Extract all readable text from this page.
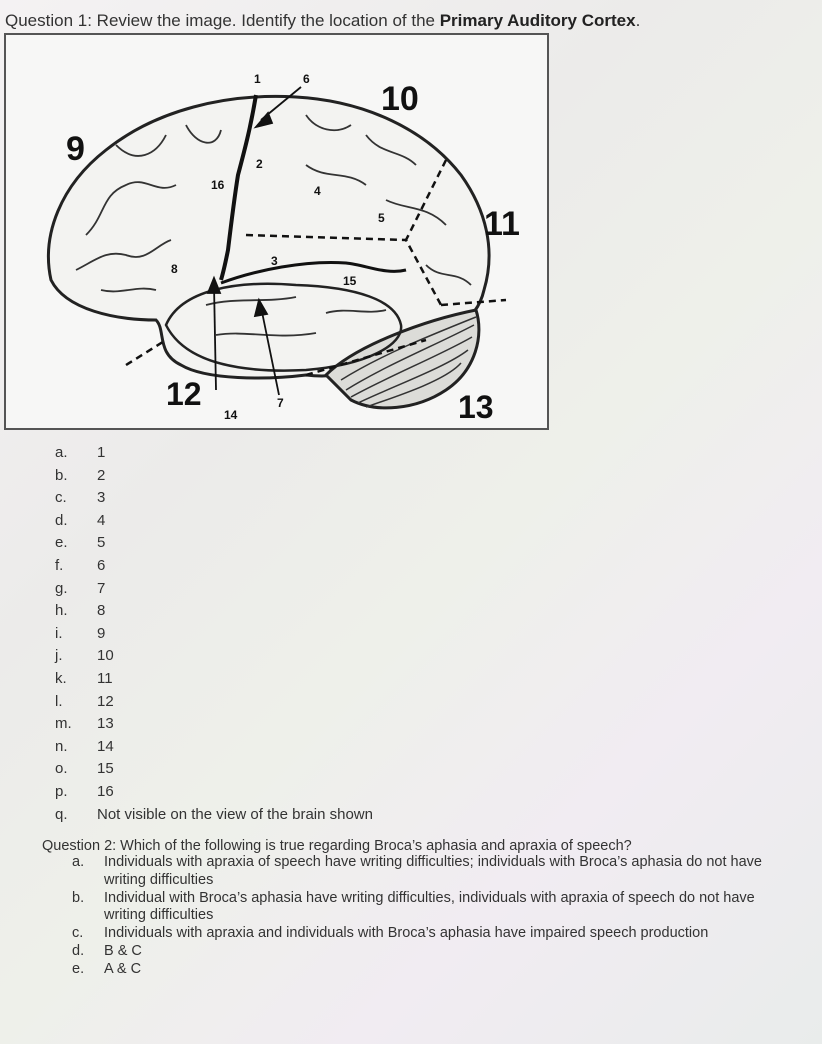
Question 1: Review the image. Identify the location of the Primary Auditory Cortex.
9
10
11
12	13
1
2
3
4
5
6
7
8
14
15
16
a.	1
b.	2
c.	3
d.	4
e.	5
f.	6
g.	7
h.	8
i.	9
j.	10
k.	11
l.	12
m.	13
n.	14
o.	15
p.	16
q.	Not visible on the view of the brain shown
Question 2: Which of the following is true regarding Broca’s aphasia and apraxia of speech?
a.	Individuals with apraxia of speech have writing difficulties; individuals with Broca’s aphasia do not have writing difficulties
b.	Individual with Broca’s aphasia have writing difficulties, individuals with apraxia of speech do not have writing difficulties
c.	Individuals with apraxia and individuals with Broca’s aphasia have impaired speech production
d.	B & C
e.	A & C
